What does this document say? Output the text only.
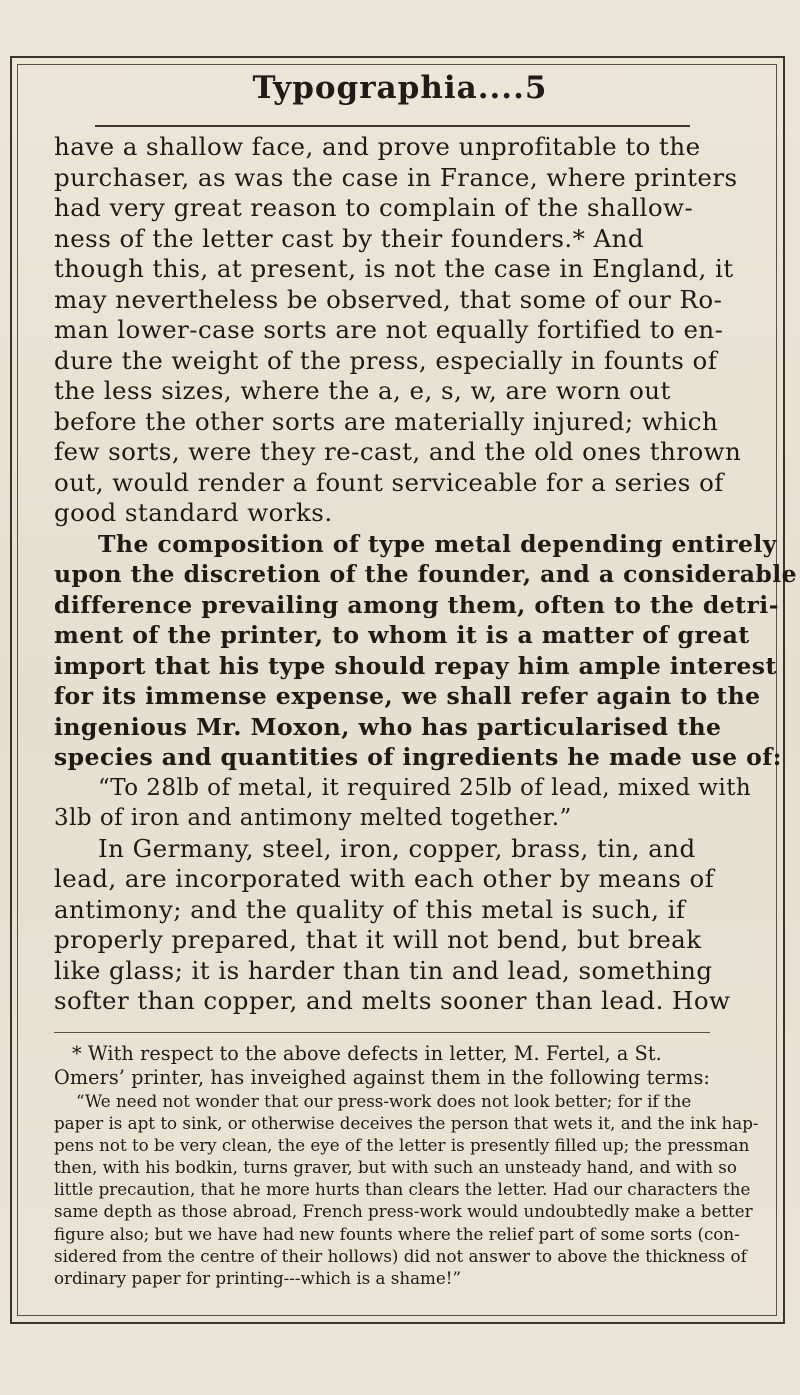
Typographia....5
have a shallow face, and prove unprofitable to the
purchaser, as was the case in France, where printers
had very great reason to complain of the shallow-
ness of the letter cast by their founders.* And
though this, at present, is not the case in England, it
may nevertheless be observed, that some of our Ro-
man lower-case sorts are not equally fortified to en-
dure the weight of the press, especially in founts of
the less sizes, where the a, e, s, w, are worn out
before the other sorts are materially injured; which
few sorts, were they re-cast, and the old ones thrown
out, would render a fount serviceable for a series of
good standard works.
The composition of type metal depending entirely
upon the discretion of the founder, and a considerable
difference prevailing among them, often to the detri-
ment of the printer, to whom it is a matter of great
import that his type should repay him ample interest
for its immense expense, we shall refer again to the
ingenious Mr. Moxon, who has particularised the
species and quantities of ingredients he made use of:
“To 28lb of metal, it required 25lb of lead, mixed with
3lb of iron and antimony melted together.”
In Germany, steel, iron, copper, brass, tin, and
lead, are incorporated with each other by means of
antimony; and the quality of this metal is such, if
properly prepared, that it will not bend, but break
like glass; it is harder than tin and lead, something
softer than copper, and melts sooner than lead. How
* With respect to the above defects in letter, M. Fertel, a St.
Omers’ printer, has inveighed against them in the following terms:
“We need not wonder that our press-work does not look better; for if the
paper is apt to sink, or otherwise deceives the person that wets it, and the ink hap-
pens not to be very clean, the eye of the letter is presently filled up; the pressman
then, with his bodkin, turns graver, but with such an unsteady hand, and with so
little precaution, that he more hurts than clears the letter. Had our characters the
same depth as those abroad, French press-work would undoubtedly make a better
figure also; but we have had new founts where the relief part of some sorts (con-
sidered from the centre of their hollows) did not answer to above the thickness of
ordinary paper for printing---which is a shame!”
